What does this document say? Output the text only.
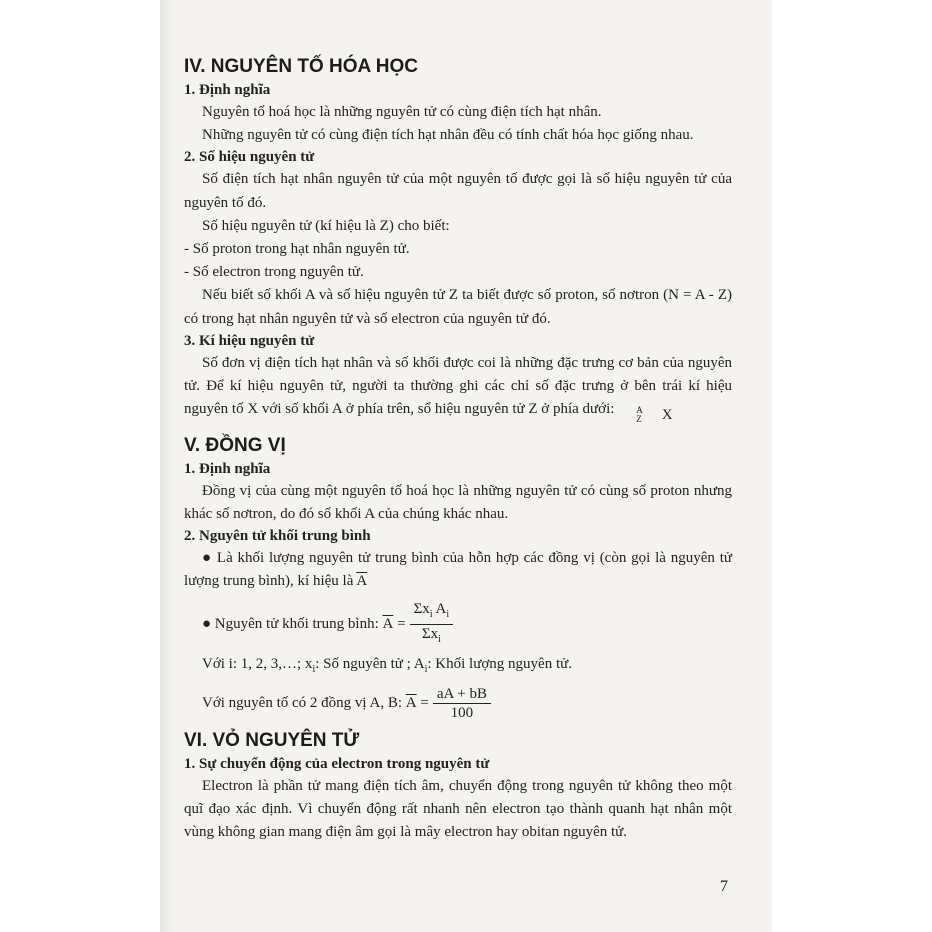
IV. NGUYÊN TỐ HÓA HỌC
1. Định nghĩa

Nguyên tố hoá học là những nguyên tử có cùng điện tích hạt nhân.

Những nguyên tử có cùng điện tích hạt nhân đều có tính chất hóa học giống nhau.

2. Số hiệu nguyên tử

Số điện tích hạt nhân nguyên tử của một nguyên tố được gọi là số hiệu nguyên tử của nguyên tố đó.

Số hiệu nguyên tử (kí hiệu là Z) cho biết:

- Số proton trong hạt nhân nguyên tử.

- Số electron trong nguyên tử.

Nếu biết số khối A và số hiệu nguyên tử Z ta biết được số proton, số nơtron (N = A - Z) có trong hạt nhân nguyên tử và số electron của nguyên tử đó.

3. Kí hiệu nguyên tử

Số đơn vị điện tích hạt nhân và số khối được coi là những đặc trưng cơ bản của nguyên tử. Để kí hiệu nguyên tử, người ta thường ghi các chỉ số đặc trưng ở bên trái kí hiệu nguyên tố X với số khối A ở phía trên, số hiệu nguyên tử Z ở phía dưới:	A
Z	X

V. ĐỒNG VỊ
1. Định nghĩa

Đồng vị của cùng một nguyên tố hoá học là những nguyên tử có cùng số proton nhưng khác số nơtron, do đó số khối A của chúng khác nhau.

2. Nguyên tử khối trung bình

● Là khối lượng nguyên tử trung bình của hỗn hợp các đồng vị (còn gọi là nguyên tử lượng trung bình), kí hiệu là $\overline{A}$

● Nguyên tử khối trung bình:
$\overline{A} = \frac{\Sigma x_i A_i}{\Sigma x_i}$

Với i: 1, 2, 3,…; $x_i$: Số nguyên tử ; $A_i$: Khối lượng nguyên tử.

Với nguyên tố có 2 đồng vị A, B:
$\overline{A} = \frac{aA + bB}{100}$
VI. VỎ NGUYÊN TỬ
1. Sự chuyển động của electron trong nguyên tử

Electron là phần tử mang điện tích âm, chuyển động trong nguyên tử không theo một quĩ đạo xác định. Vì chuyển động rất nhanh nên electron tạo thành quanh hạt nhân một vùng không gian mang điện âm gọi là mây electron hay obitan nguyên tử.

7
